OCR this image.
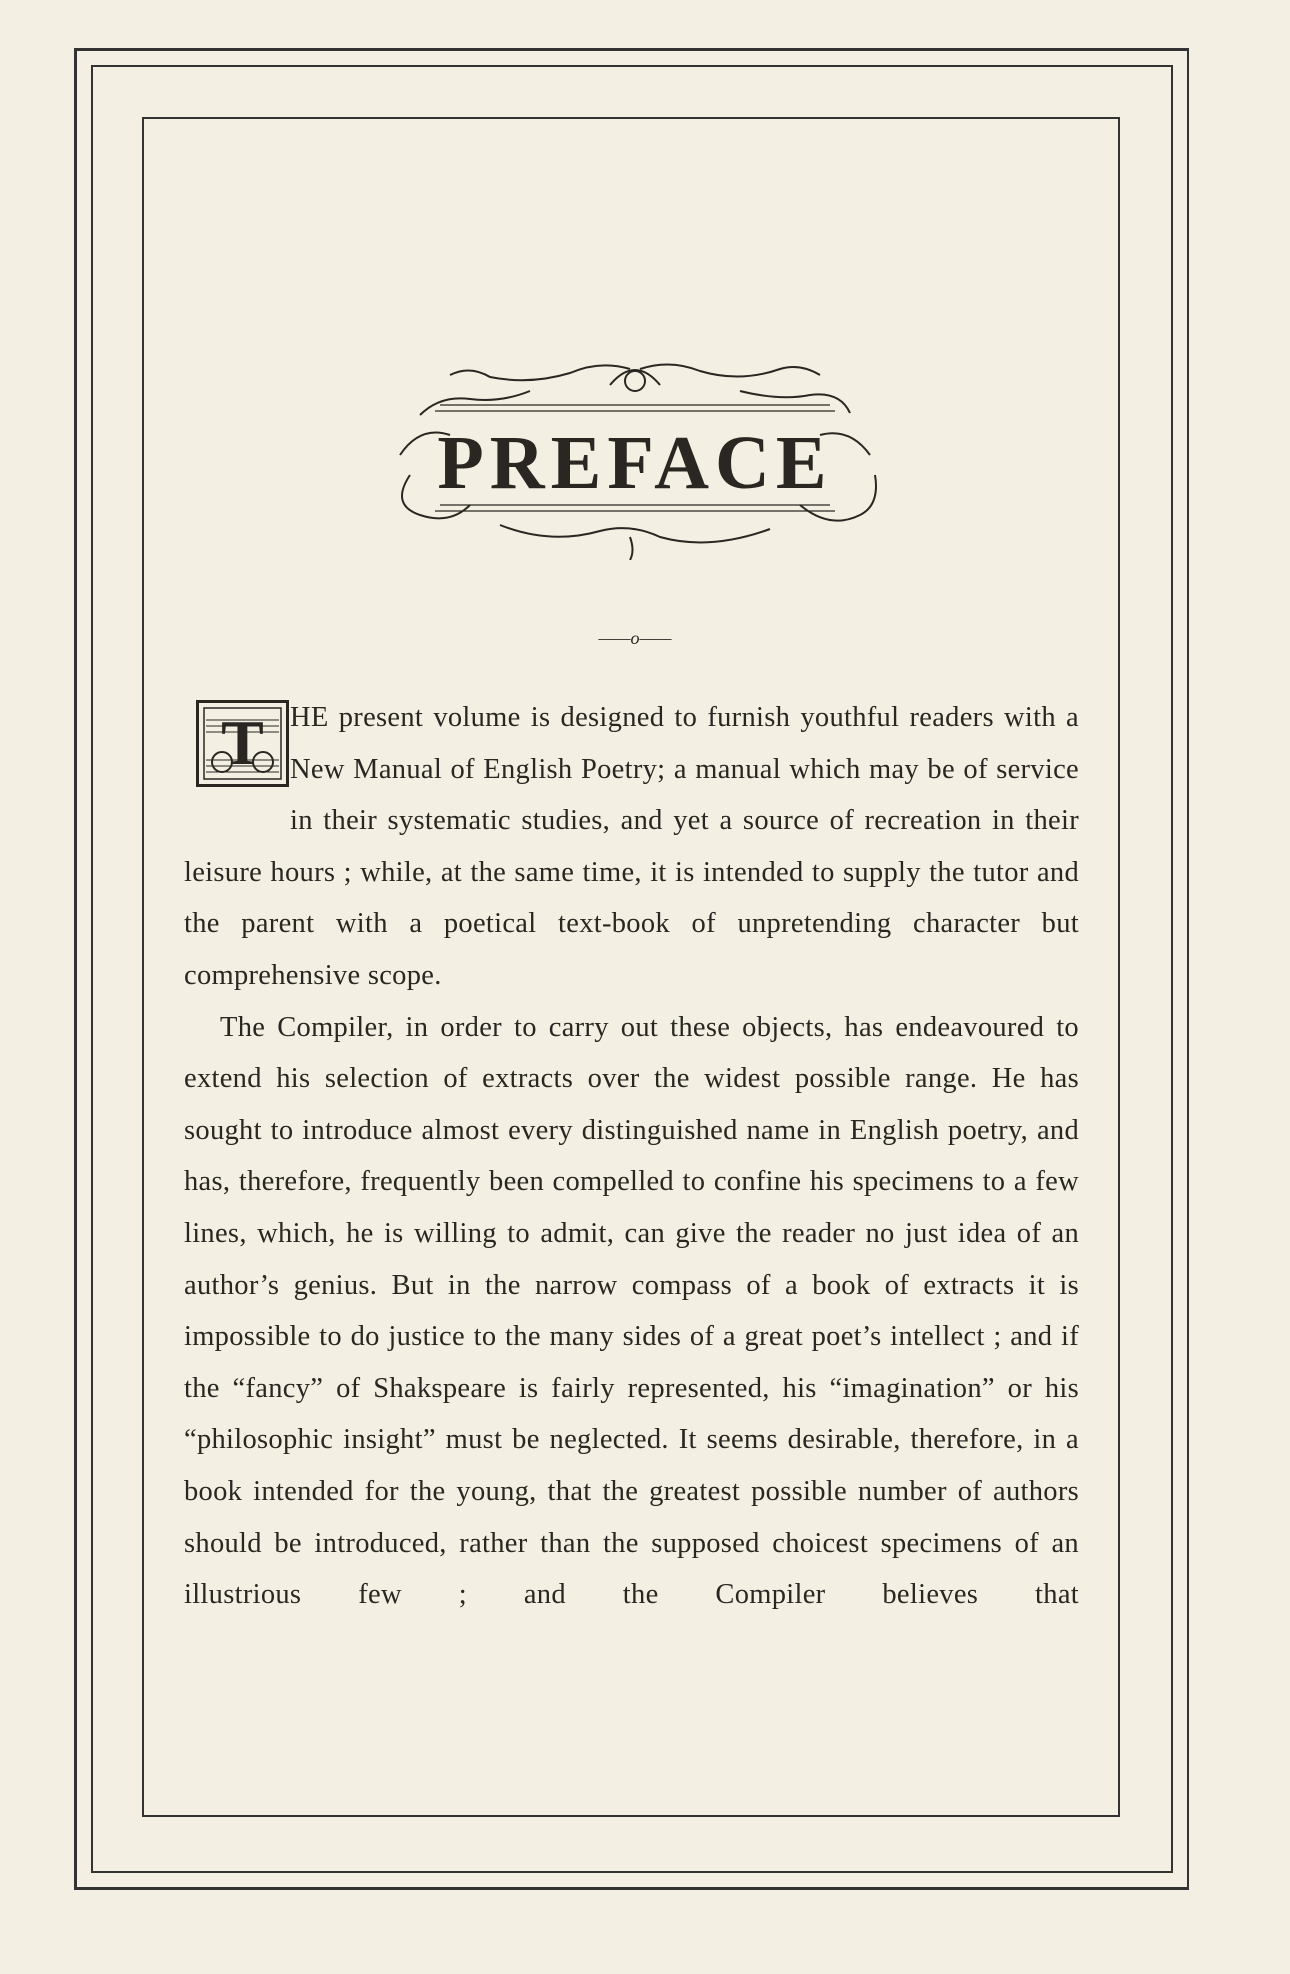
PREFACE
——o——
T HE present volume is designed to furnish youthful readers with a New Manual of English Poetry; a manual which may be of service in their systematic studies, and yet a source of recreation in their leisure hours ; while, at the same time, it is intended to supply the tutor and the parent with a poetical text-book of unpretending character but comprehensive scope.

The Compiler, in order to carry out these objects, has endeavoured to extend his selection of extracts over the widest possible range. He has sought to introduce almost every distinguished name in English poetry, and has, therefore, frequently been compelled to confine his specimens to a few lines, which, he is willing to admit, can give the reader no just idea of an author’s genius. But in the narrow compass of a book of extracts it is impossible to do justice to the many sides of a great poet’s intellect ; and if the “fancy” of Shakspeare is fairly represented, his “imagination” or his “philosophic insight” must be neglected. It seems desirable, therefore, in a book intended for the young, that the greatest possible number of authors should be introduced, rather than the supposed choicest specimens of an illustrious few ; and the Compiler believes that
